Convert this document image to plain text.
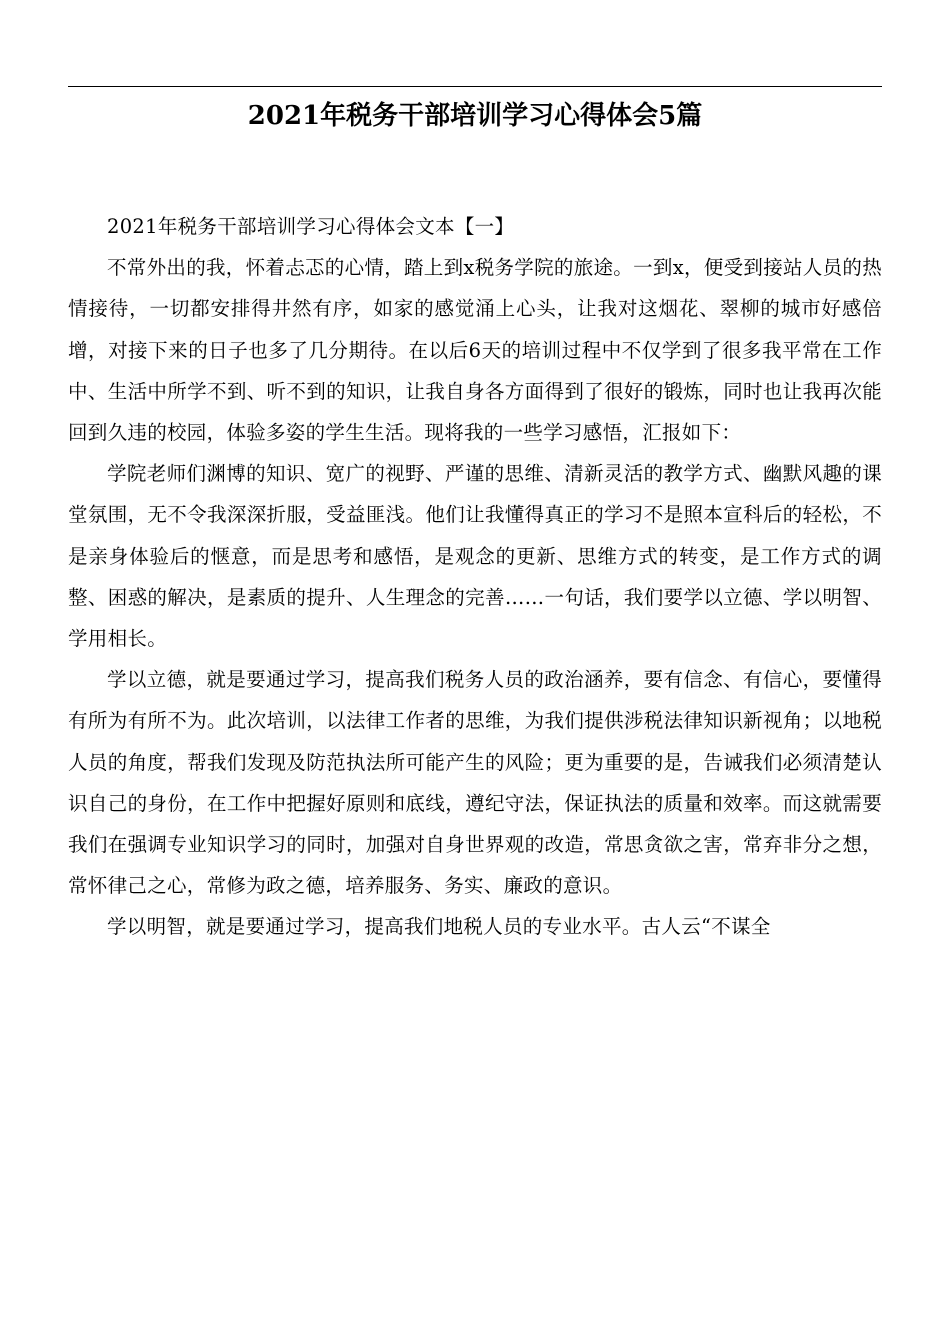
2021年税务干部培训学习心得体会5篇

2021年税务干部培训学习心得体会文本【一】

不常外出的我，怀着忐忑的心情，踏上到x税务学院的旅途。一到x，便受到接站人员的热情接待，一切都安排得井然有序，如家的感觉涌上心头，让我对这烟花、翠柳的城市好感倍增，对接下来的日子也多了几分期待。在以后6天的培训过程中不仅学到了很多我平常在工作中、生活中所学不到、听不到的知识，让我自身各方面得到了很好的锻炼，同时也让我再次能回到久违的校园，体验多姿的学生生活。现将我的一些学习感悟，汇报如下：

学院老师们渊博的知识、宽广的视野、严谨的思维、清新灵活的教学方式、幽默风趣的课堂氛围，无不令我深深折服，受益匪浅。他们让我懂得真正的学习不是照本宣科后的轻松，不是亲身体验后的惬意，而是思考和感悟，是观念的更新、思维方式的转变，是工作方式的调整、困惑的解决，是素质的提升、人生理念的完善……一句话，我们要学以立德、学以明智、学用相长。

学以立德，就是要通过学习，提高我们税务人员的政治涵养，要有信念、有信心，要懂得有所为有所不为。此次培训，以法律工作者的思维，为我们提供涉税法律知识新视角；以地税人员的角度，帮我们发现及防范执法所可能产生的风险；更为重要的是，告诫我们必须清楚认识自己的身份，在工作中把握好原则和底线，遵纪守法，保证执法的质量和效率。而这就需要我们在强调专业知识学习的同时，加强对自身世界观的改造，常思贪欲之害，常弃非分之想，常怀律己之心，常修为政之德，培养服务、务实、廉政的意识。

学以明智，就是要通过学习，提高我们地税人员的专业水平。古人云“不谋全
